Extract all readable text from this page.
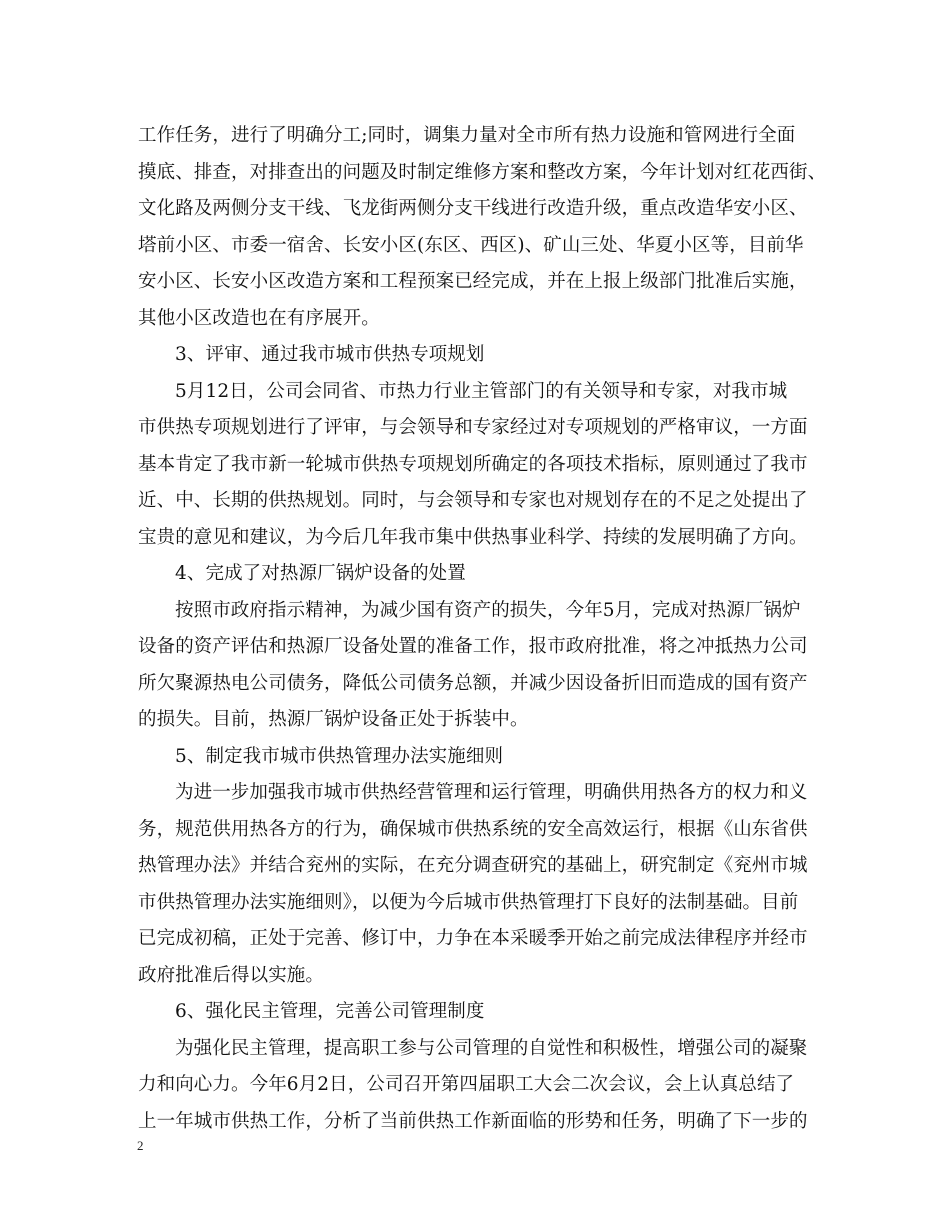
工作任务，进行了明确分工;同时，调集力量对全市所有热力设施和管网进行全面
摸底、排查，对排查出的问题及时制定维修方案和整改方案，今年计划对红花西街、
文化路及两侧分支干线、飞龙街两侧分支干线进行改造升级，重点改造华安小区、
塔前小区、市委一宿舍、长安小区(东区、西区)、矿山三处、华夏小区等，目前华
安小区、长安小区改造方案和工程预案已经完成，并在上报上级部门批准后实施，
其他小区改造也在有序展开。
3、评审、通过我市城市供热专项规划
5月12日，公司会同省、市热力行业主管部门的有关领导和专家，对我市城
市供热专项规划进行了评审，与会领导和专家经过对专项规划的严格审议，一方面
基本肯定了我市新一轮城市供热专项规划所确定的各项技术指标，原则通过了我市
近、中、长期的供热规划。同时，与会领导和专家也对规划存在的不足之处提出了
宝贵的意见和建议，为今后几年我市集中供热事业科学、持续的发展明确了方向。
4、完成了对热源厂锅炉设备的处置
按照市政府指示精神，为减少国有资产的损失，今年5月，完成对热源厂锅炉
设备的资产评估和热源厂设备处置的准备工作，报市政府批准，将之冲抵热力公司
所欠聚源热电公司债务，降低公司债务总额，并减少因设备折旧而造成的国有资产
的损失。目前，热源厂锅炉设备正处于拆装中。
5、制定我市城市供热管理办法实施细则
为进一步加强我市城市供热经营管理和运行管理，明确供用热各方的权力和义
务，规范供用热各方的行为，确保城市供热系统的安全高效运行，根据《山东省供
热管理办法》并结合兖州的实际，在充分调查研究的基础上，研究制定《兖州市城
市供热管理办法实施细则》，以便为今后城市供热管理打下良好的法制基础。目前
已完成初稿，正处于完善、修订中，力争在本采暖季开始之前完成法律程序并经市
政府批准后得以实施。
6、强化民主管理，完善公司管理制度
为强化民主管理，提高职工参与公司管理的自觉性和积极性，增强公司的凝聚
力和向心力。今年6月2日，公司召开第四届职工大会二次会议，会上认真总结了
上一年城市供热工作，分析了当前供热工作新面临的形势和任务，明确了下一步的
2
